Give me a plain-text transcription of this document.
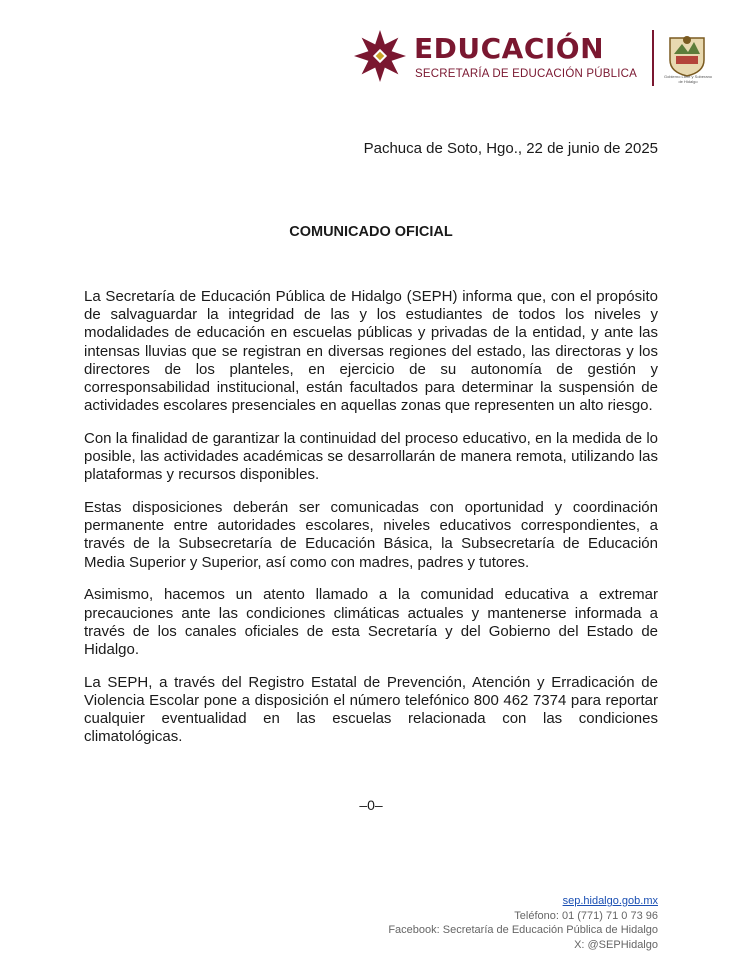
EDUCACIÓN
SECRETARÍA DE EDUCACIÓN PÚBLICA	Gobierno Libre y Soberano de Hidalgo
Pachuca de Soto, Hgo., 22 de junio de 2025
COMUNICADO OFICIAL

La Secretaría de Educación Pública de Hidalgo (SEPH) informa que, con el propósito de salvaguardar la integridad de las y los estudiantes de todos los niveles y modalidades de educación en escuelas públicas y privadas de la entidad, y ante las intensas lluvias que se registran en diversas regiones del estado, las directoras y los directores de los planteles, en ejercicio de su autonomía de gestión y corresponsabilidad institucional, están facultados para determinar la suspensión de actividades escolares presenciales en aquellas zonas que representen un alto riesgo.

Con la finalidad de garantizar la continuidad del proceso educativo, en la medida de lo posible, las actividades académicas se desarrollarán de manera remota, utilizando las plataformas y recursos disponibles.

Estas disposiciones deberán ser comunicadas con oportunidad y coordinación permanente entre autoridades escolares, niveles educativos correspondientes, a través de la Subsecretaría de Educación Básica, la Subsecretaría de Educación Media Superior y Superior, así como con madres, padres y tutores.

Asimismo, hacemos un atento llamado a la comunidad educativa a extremar precauciones ante las condiciones climáticas actuales y mantenerse informada a través de los canales oficiales de esta Secretaría y del Gobierno del Estado de Hidalgo.

La SEPH, a través del Registro Estatal de Prevención, Atención y Erradicación de Violencia Escolar pone a disposición el número telefónico 800 462 7374 para reportar cualquier eventualidad en las escuelas relacionada con las condiciones climatológicas.

–0–
sep.hidalgo.gob.mx
Teléfono: 01 (771) 71 0 73 96
Facebook: Secretaría de Educación Pública de Hidalgo
X: @SEPHidalgo
